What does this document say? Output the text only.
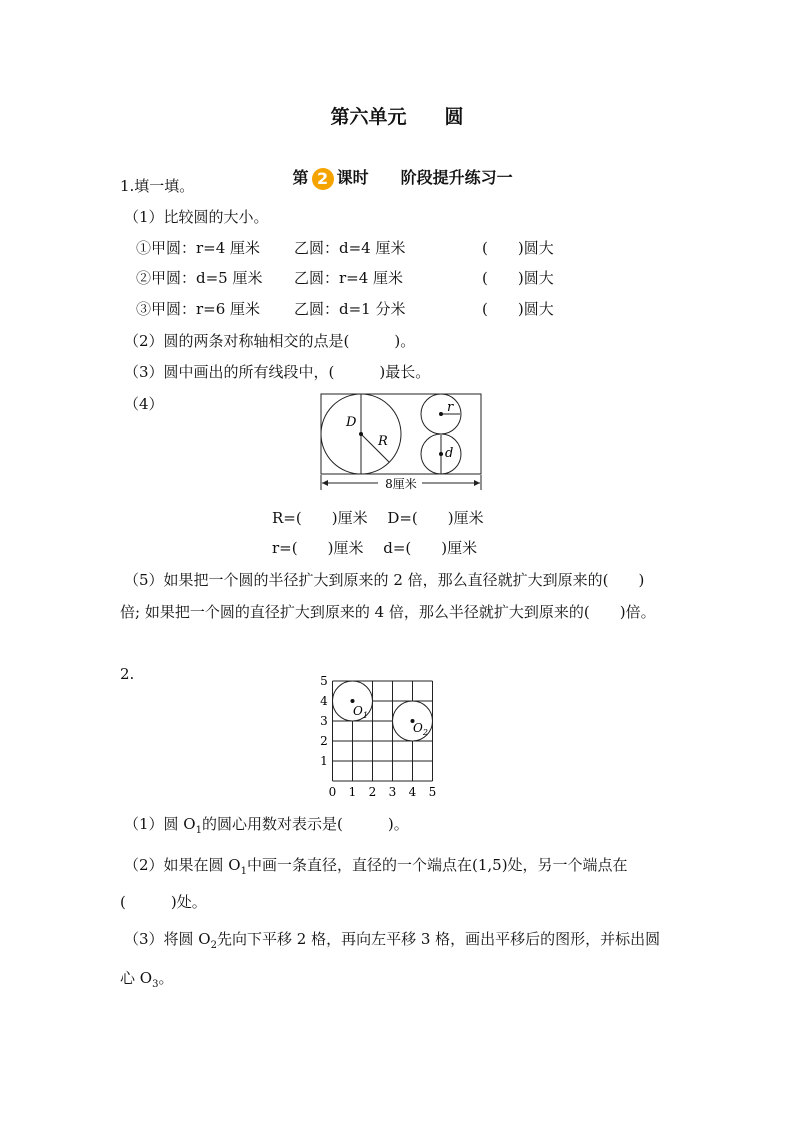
第六单元　　圆

第 2 课时　　阶段提升练习一

1.填一填。
（1）比较圆的大小。
①甲圆：r=4 厘米 乙圆：d=4 厘米	(　　)圆大
②甲圆：d=5 厘米 乙圆：r=4 厘米	(　　)圆大
③甲圆：r=6 厘米 乙圆：d=1 分米	(　　)圆大
（2）圆的两条对称轴相交的点是(　　　)。
（3）圆中画出的所有线段中，(　　　)最长。
（4）
D
R
r
d
8厘米
R=(　　)厘米　 D=(　　)厘米
r=(　　)厘米　 d=(　　)厘米
（5）如果把一个圆的半径扩大到原来的 2 倍，那么直径就扩大到原来的(　　)
倍; 如果把一个圆的直径扩大到原来的 4 倍，那么半径就扩大到原来的(　　)倍。
2.
$O_1$
$O_2$
0 1 2 3 4 5
1
2
3
4
5
（1）圆 $O_1$的圆心用数对表示是(　　　)。
（2）如果在圆 $O_1$中画一条直径，直径的一个端点在(1,5)处，另一个端点在
(　　　)处。
（3）将圆 $O_2$先向下平移 2 格，再向左平移 3 格，画出平移后的图形，并标出圆
心 $O_3$。
